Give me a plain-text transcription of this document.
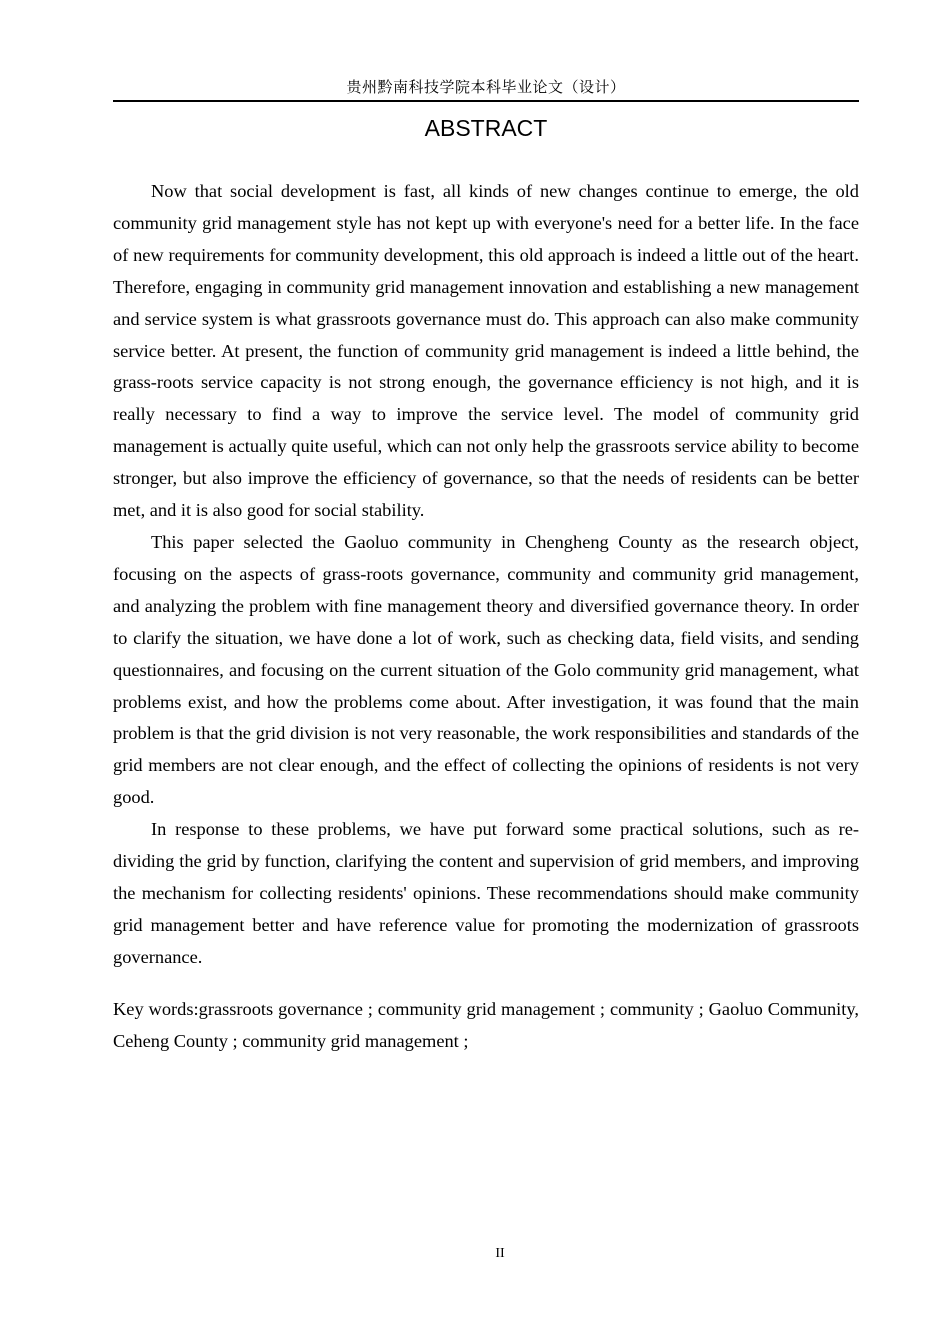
贵州黔南科技学院本科毕业论文（设计）
ABSTRACT

Now that social development is fast, all kinds of new changes continue to emerge, the old community grid management style has not kept up with everyone's need for a better life. In the face of new requirements for community development, this old approach is indeed a little out of the heart. Therefore, engaging in community grid management innovation and establishing a new management and service system is what grassroots governance must do. This approach can also make community service better. At present, the function of community grid management is indeed a little behind, the grass-roots service capacity is not strong enough, the governance efficiency is not high, and it is really necessary to find a way to improve the service level. The model of community grid management is actually quite useful, which can not only help the grassroots service ability to become stronger, but also improve the efficiency of governance, so that the needs of residents can be better met, and it is also good for social stability.

This paper selected the Gaoluo community in Chengheng County as the research object, focusing on the aspects of grass-roots governance, community and community grid management, and analyzing the problem with fine management theory and diversified governance theory. In order to clarify the situation, we have done a lot of work, such as checking data, field visits, and sending questionnaires, and focusing on the current situation of the Golo community grid management, what problems exist, and how the problems come about. After investigation, it was found that the main problem is that the grid division is not very reasonable, the work responsibilities and standards of the grid members are not clear enough, and the effect of collecting the opinions of residents is not very good.

In response to these problems, we have put forward some practical solutions, such as re-dividing the grid by function, clarifying the content and supervision of grid members, and improving the mechanism for collecting residents' opinions. These recommendations should make community grid management better and have reference value for promoting the modernization of grassroots governance.

Key words:grassroots governance ; community grid management ; community ; Gaoluo Community, Ceheng County ; community grid management ;
II
